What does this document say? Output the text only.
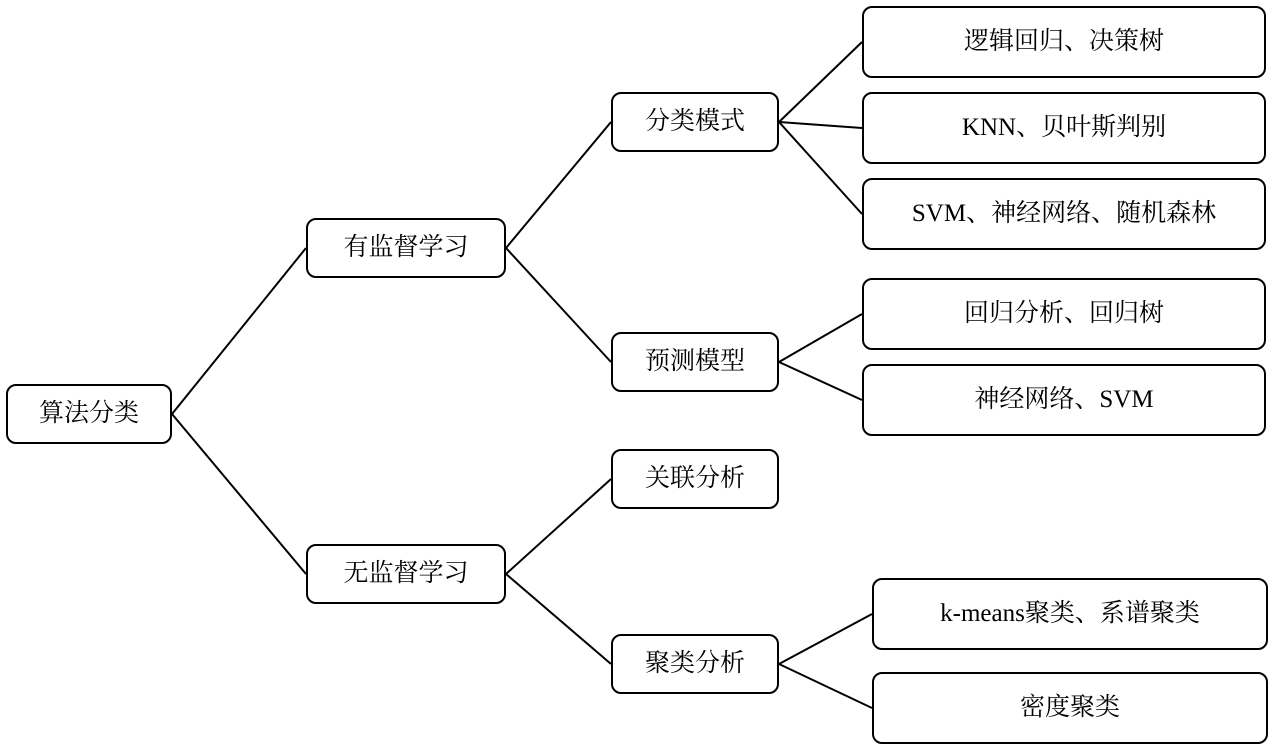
算法分类
有监督学习
无监督学习
分类模式
预测模型
关联分析
聚类分析
逻辑回归、决策树
KNN、贝叶斯判别
SVM、神经网络、随机森林
回归分析、回归树
神经网络、SVM
k-means聚类、系谱聚类
密度聚类
